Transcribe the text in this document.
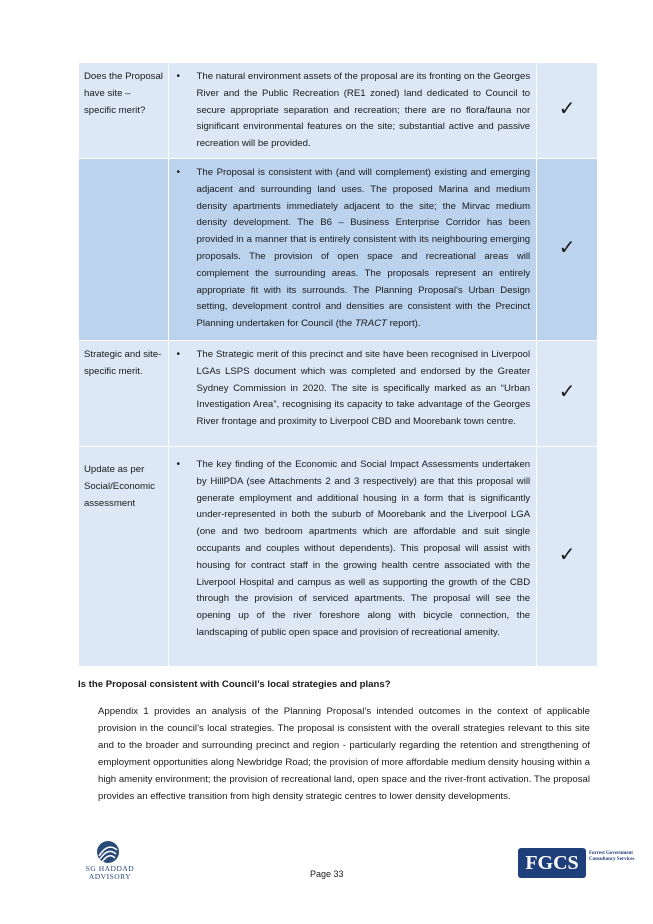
Does the Proposal have site – specific merit?	• The natural environment assets of the proposal are its fronting on the Georges River and the Public Recreation (RE1 zoned) land dedicated to Council to secure appropriate separation and recreation; there are no flora/fauna nor significant environmental features on the site; substantial active and passive recreation will be provided.	✓

	• The Proposal is consistent with (and will complement) existing and emerging adjacent and surrounding land uses. The proposed Marina and medium density apartments immediately adjacent to the site; the Mirvac medium density development. The B6 – Business Enterprise Corridor has been provided in a manner that is entirely consistent with its neighbouring emerging proposals. The provision of open space and recreational areas will complement the surrounding areas. The proposals represent an entirely appropriate fit with its surrounds. The Planning Proposal’s Urban Design setting, development control and densities are consistent with the Precinct Planning undertaken for Council (the TRACT report).	✓
Strategic and site-specific merit.	• The Strategic merit of this precinct and site have been recognised in Liverpool LGAs LSPS document which was completed and endorsed by the Greater Sydney Commission in 2020. The site is specifically marked as an “Urban Investigation Area”, recognising its capacity to take advantage of the Georges River frontage and proximity to Liverpool CBD and Moorebank town centre.	✓
Update as per Social/Economic assessment	• The key finding of the Economic and Social Impact Assessments undertaken by HillPDA (see Attachments 2 and 3 respectively) are that this proposal will generate employment and additional housing in a form that is significantly under-represented in both the suburb of Moorebank and the Liverpool LGA (one and two bedroom apartments which are affordable and suit single occupants and couples without dependents). This proposal will assist with housing for contract staff in the growing health centre associated with the Liverpool Hospital and campus as well as supporting the growth of the CBD through the provision of serviced apartments. The proposal will see the opening up of the river foreshore along with bicycle connection, the landscaping of public open space and provision of recreational amenity.	✓
Is the Proposal consistent with Council’s local strategies and plans?
Appendix 1 provides an analysis of the Planning Proposal’s intended outcomes in the context of applicable provision in the council’s local strategies. The proposal is consistent with the overall strategies relevant to this site and to the broader and surrounding precinct and region - particularly regarding the retention and strengthening of employment opportunities along Newbridge Road; the provision of more affordable medium density housing within a high amenity environment; the provision of recreational land, open space and the river-front activation. The proposal provides an effective transition from high density strategic centres to lower density developments.
SG HADDAD
ADVISORY	Page 33	FGCS	Forrest Government Consultancy Services
